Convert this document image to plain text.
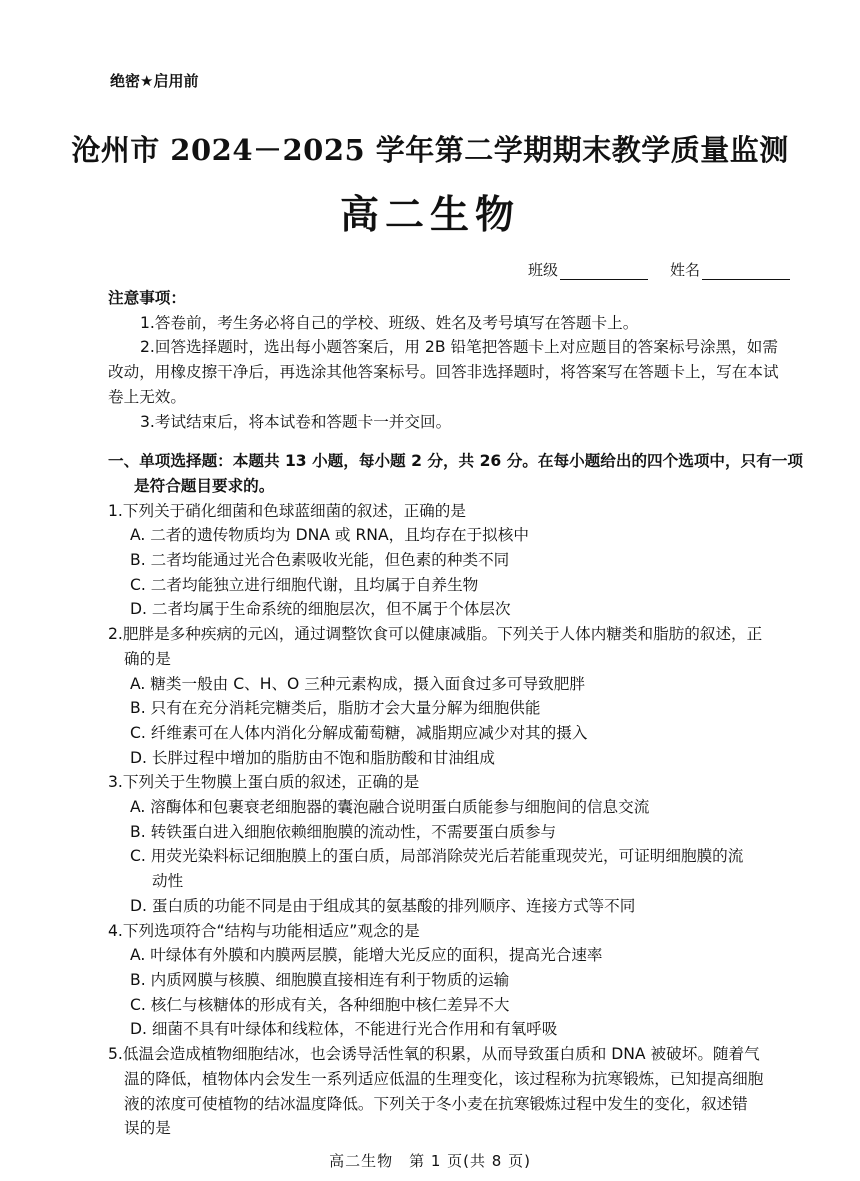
绝密★启用前
沧州市 2024－2025 学年第二学期期末教学质量监测
高二生物
班级	姓名
注意事项：
1.答卷前，考生务必将自己的学校、班级、姓名及考号填写在答题卡上。
2.回答选择题时，选出每小题答案后，用 2B 铅笔把答题卡上对应题目的答案标号涂黑，如需
改动，用橡皮擦干净后，再选涂其他答案标号。回答非选择题时，将答案写在答题卡上，写在本试
卷上无效。
3.考试结束后，将本试卷和答题卡一并交回。
一、单项选择题：本题共 13 小题，每小题 2 分，共 26 分。在每小题给出的四个选项中，只有一项
是符合题目要求的。
1.下列关于硝化细菌和色球蓝细菌的叙述，正确的是
A. 二者的遗传物质均为 DNA 或 RNA，且均存在于拟核中
B. 二者均能通过光合色素吸收光能，但色素的种类不同
C. 二者均能独立进行细胞代谢，且均属于自养生物
D. 二者均属于生命系统的细胞层次，但不属于个体层次
2.肥胖是多种疾病的元凶，通过调整饮食可以健康减脂。下列关于人体内糖类和脂肪的叙述，正
确的是
A. 糖类一般由 C、H、O 三种元素构成，摄入面食过多可导致肥胖
B. 只有在充分消耗完糖类后，脂肪才会大量分解为细胞供能
C. 纤维素可在人体内消化分解成葡萄糖，减脂期应减少对其的摄入
D. 长胖过程中增加的脂肪由不饱和脂肪酸和甘油组成
3.下列关于生物膜上蛋白质的叙述，正确的是
A. 溶酶体和包裹衰老细胞器的囊泡融合说明蛋白质能参与细胞间的信息交流
B. 转铁蛋白进入细胞依赖细胞膜的流动性，不需要蛋白质参与
C. 用荧光染料标记细胞膜上的蛋白质，局部消除荧光后若能重现荧光，可证明细胞膜的流
动性
D. 蛋白质的功能不同是由于组成其的氨基酸的排列顺序、连接方式等不同
4.下列选项符合“结构与功能相适应”观念的是
A. 叶绿体有外膜和内膜两层膜，能增大光反应的面积，提高光合速率
B. 内质网膜与核膜、细胞膜直接相连有利于物质的运输
C. 核仁与核糖体的形成有关，各种细胞中核仁差异不大
D. 细菌不具有叶绿体和线粒体，不能进行光合作用和有氧呼吸
5.低温会造成植物细胞结冰，也会诱导活性氧的积累，从而导致蛋白质和 DNA 被破坏。随着气
温的降低，植物体内会发生一系列适应低温的生理变化，该过程称为抗寒锻炼，已知提高细胞
液的浓度可使植物的结冰温度降低。下列关于冬小麦在抗寒锻炼过程中发生的变化，叙述错
误的是
高二生物　第 1 页(共 8 页)
